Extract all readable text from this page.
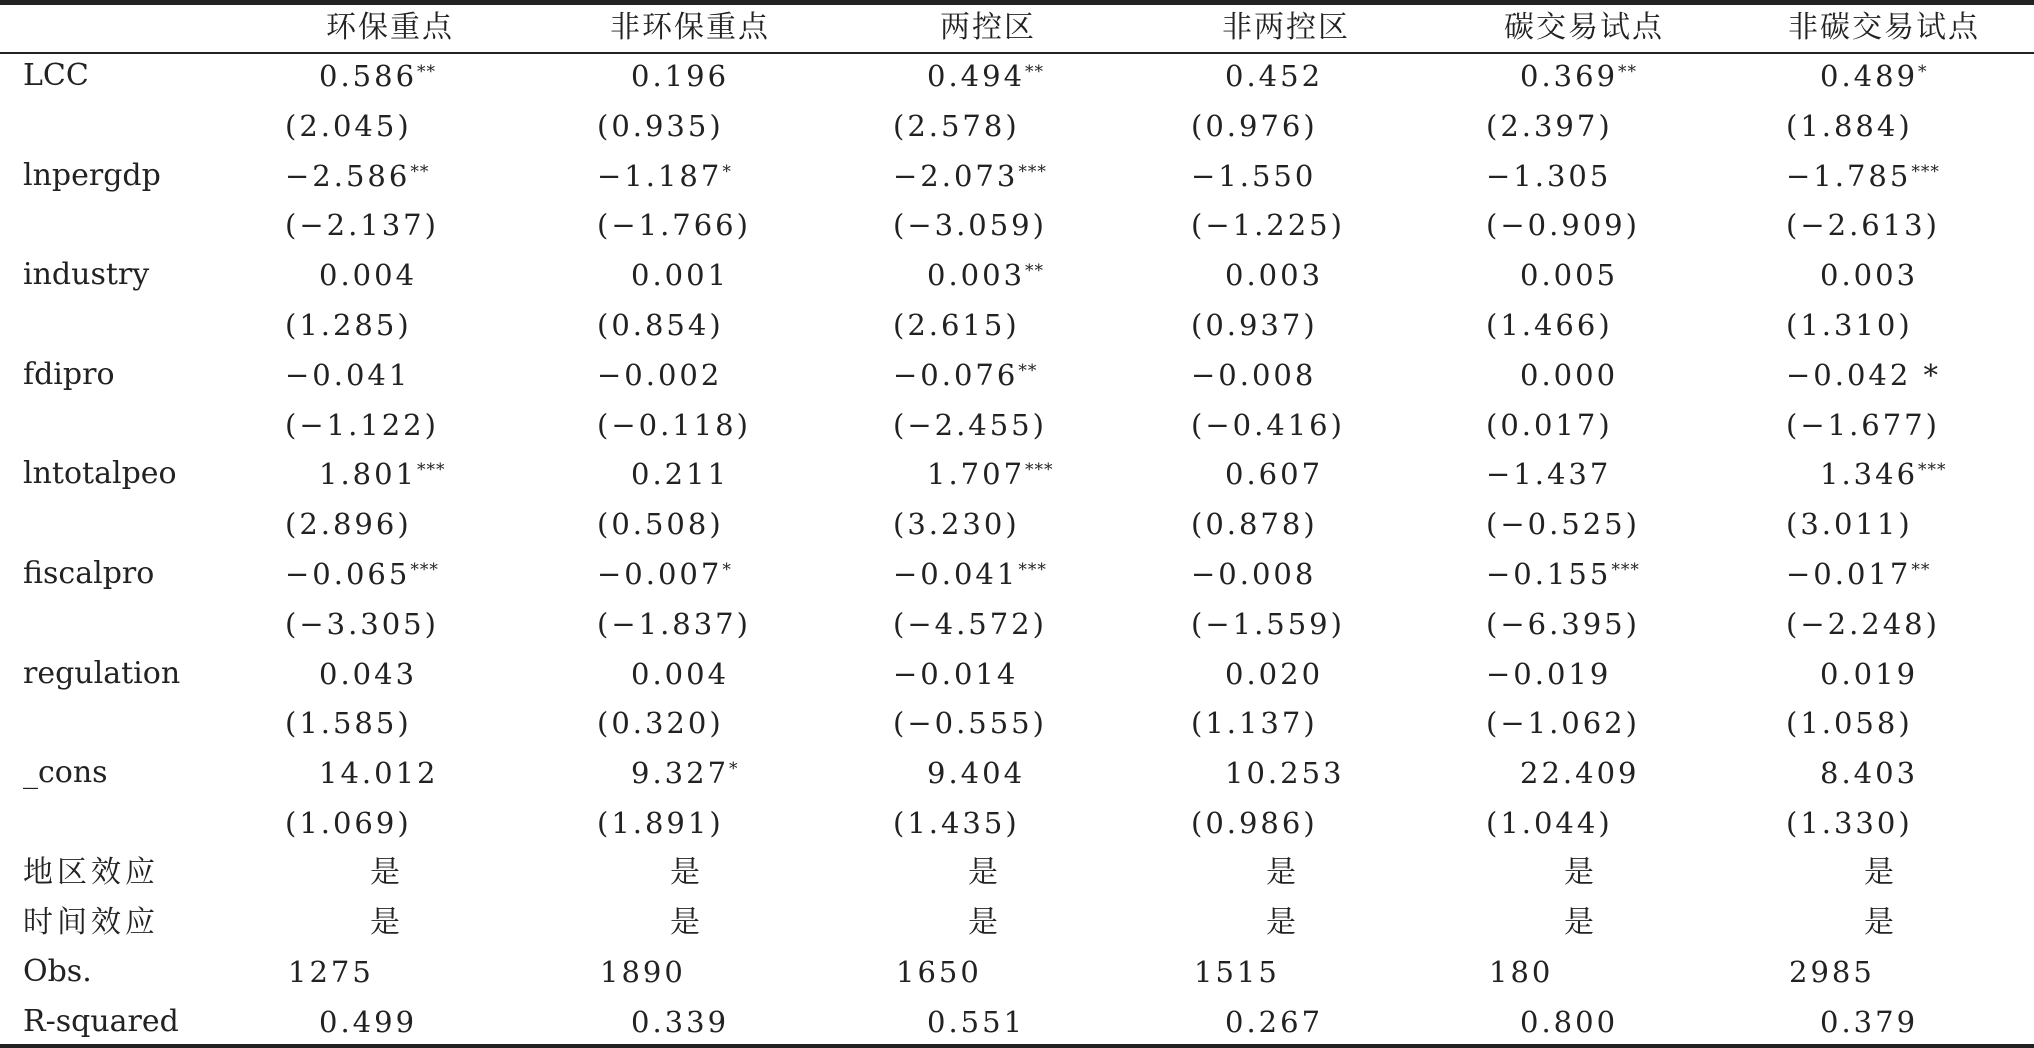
环保重点	非环保重点	两控区	非两控区	碳交易试点	非碳交易试点
LCC	0.586**	0.196	0.494**	0.452	0.369**	0.489*
(2.045)	(0.935)	(2.578)	(0.976)	(2.397)	(1.884)
lnpergdp	−2.586**	−1.187*	−2.073***	−1.550	−1.305	−1.785***
(−2.137)	(−1.766)	(−3.059)	(−1.225)	(−0.909)	(−2.613)
industry	0.004	0.001	0.003**	0.003	0.005	0.003
(1.285)	(0.854)	(2.615)	(0.937)	(1.466)	(1.310)
fdipro	−0.041	−0.002	−0.076**	−0.008	0.000	−0.042 *
(−1.122)	(−0.118)	(−2.455)	(−0.416)	(0.017)	(−1.677)
lntotalpeo	1.801***	0.211	1.707***	0.607	−1.437	1.346***
(2.896)	(0.508)	(3.230)	(0.878)	(−0.525)	(3.011)
fiscalpro	−0.065***	−0.007*	−0.041***	−0.008	−0.155***	−0.017**
(−3.305)	(−1.837)	(−4.572)	(−1.559)	(−6.395)	(−2.248)
regulation	0.043	0.004	−0.014	0.020	−0.019	0.019
(1.585)	(0.320)	(−0.555)	(1.137)	(−1.062)	(1.058)
_cons	14.012	9.327*	9.404	10.253	22.409	8.403
(1.069)	(1.891)	(1.435)	(0.986)	(1.044)	(1.330)
地区效应	是	是	是	是	是	是
时间效应	是	是	是	是	是	是
Obs.	1275	1890	1650	1515	180	2985
R-squared	0.499	0.339	0.551	0.267	0.800	0.379
